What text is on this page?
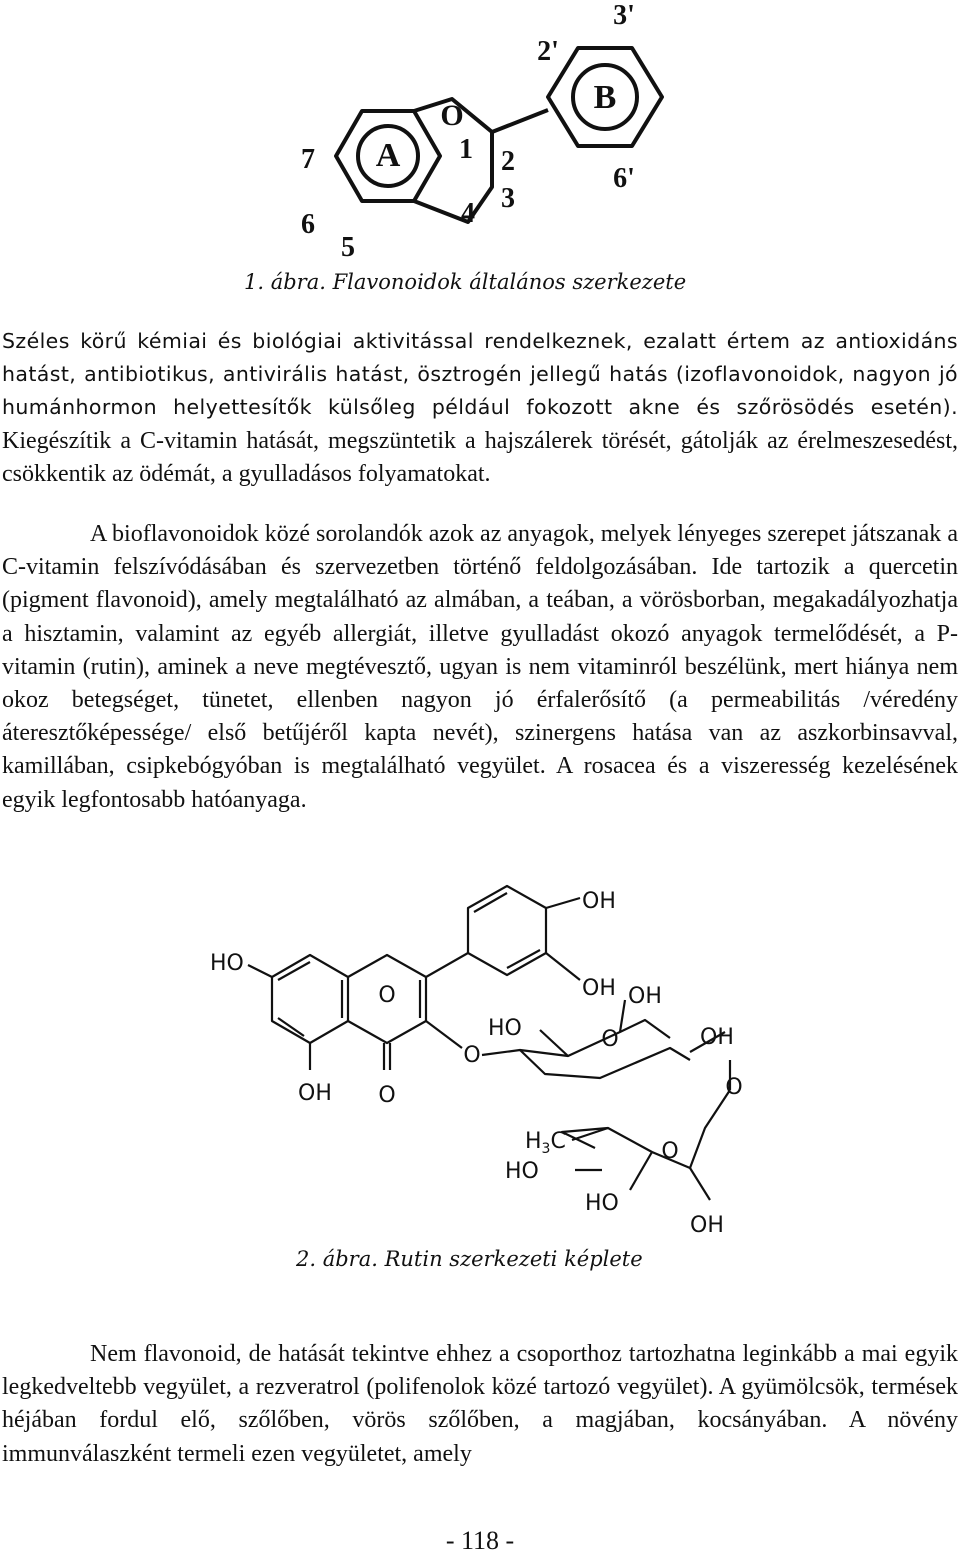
A
B
O
1 2
3
4
5
6
7
2'
3'
6'
1. ábra. Flavonoidok általános szerkezete

Széles körű kémiai és biológiai aktivitással rendelkeznek, ezalatt értem az antioxidáns hatást, antibiotikus, antivirális hatást, ösztrogén jellegű hatás (izoflavonoidok, nagyon jó humánhormon helyettesítők külsőleg például fokozott akne és szőrösödés esetén). Kiegészítik a C-vitamin hatását, megszüntetik a hajszálerek törését, gátolják az érelmeszesedést, csökkentik az ödémát, a gyulladásos folyamatokat.

A bioflavonoidok közé sorolandók azok az anyagok, melyek lényeges szerepet játszanak a C-vitamin felszívódásában és szervezetben történő feldolgozásában. Ide tartozik a quercetin (pigment flavonoid), amely megtalálható az almában, a teában, a vörösborban, megakadályozhatja a hisztamin, valamint az egyéb allergiát, illetve gyulladást okozó anyagok termelődését, a P-vitamin (rutin), aminek a neve megtévesztő, ugyan is nem vitaminról beszélünk, mert hiánya nem okoz betegséget, tünetet, ellenben nagyon jó érfalerősítő (a permeabilitás /véredény áteresztőképessége/ első betűjéről kapta nevét), szinergens hatása van az aszkorbinsavval, kamillában, csipkebógyóban is megtalálható vegyület. A rosacea és a viszeresség kezelésének egyik legfontosabb hatóanyaga.

OH
OH
HO
OH O
O
O
OH
HO	OH
O
O
$H_3C$	O
HO
HO
OH
2. ábra. Rutin szerkezeti képlete

Nem flavonoid, de hatását tekintve ehhez a csoporthoz tartozhatna leginkább a mai egyik legkedveltebb vegyület, a rezveratrol (polifenolok közé tartozó vegyület). A gyümölcsök, termések héjában fordul elő, szőlőben, vörös szőlőben, a magjában, kocsányában. A növény immunválaszként termeli ezen vegyületet, amely

- 118 -
